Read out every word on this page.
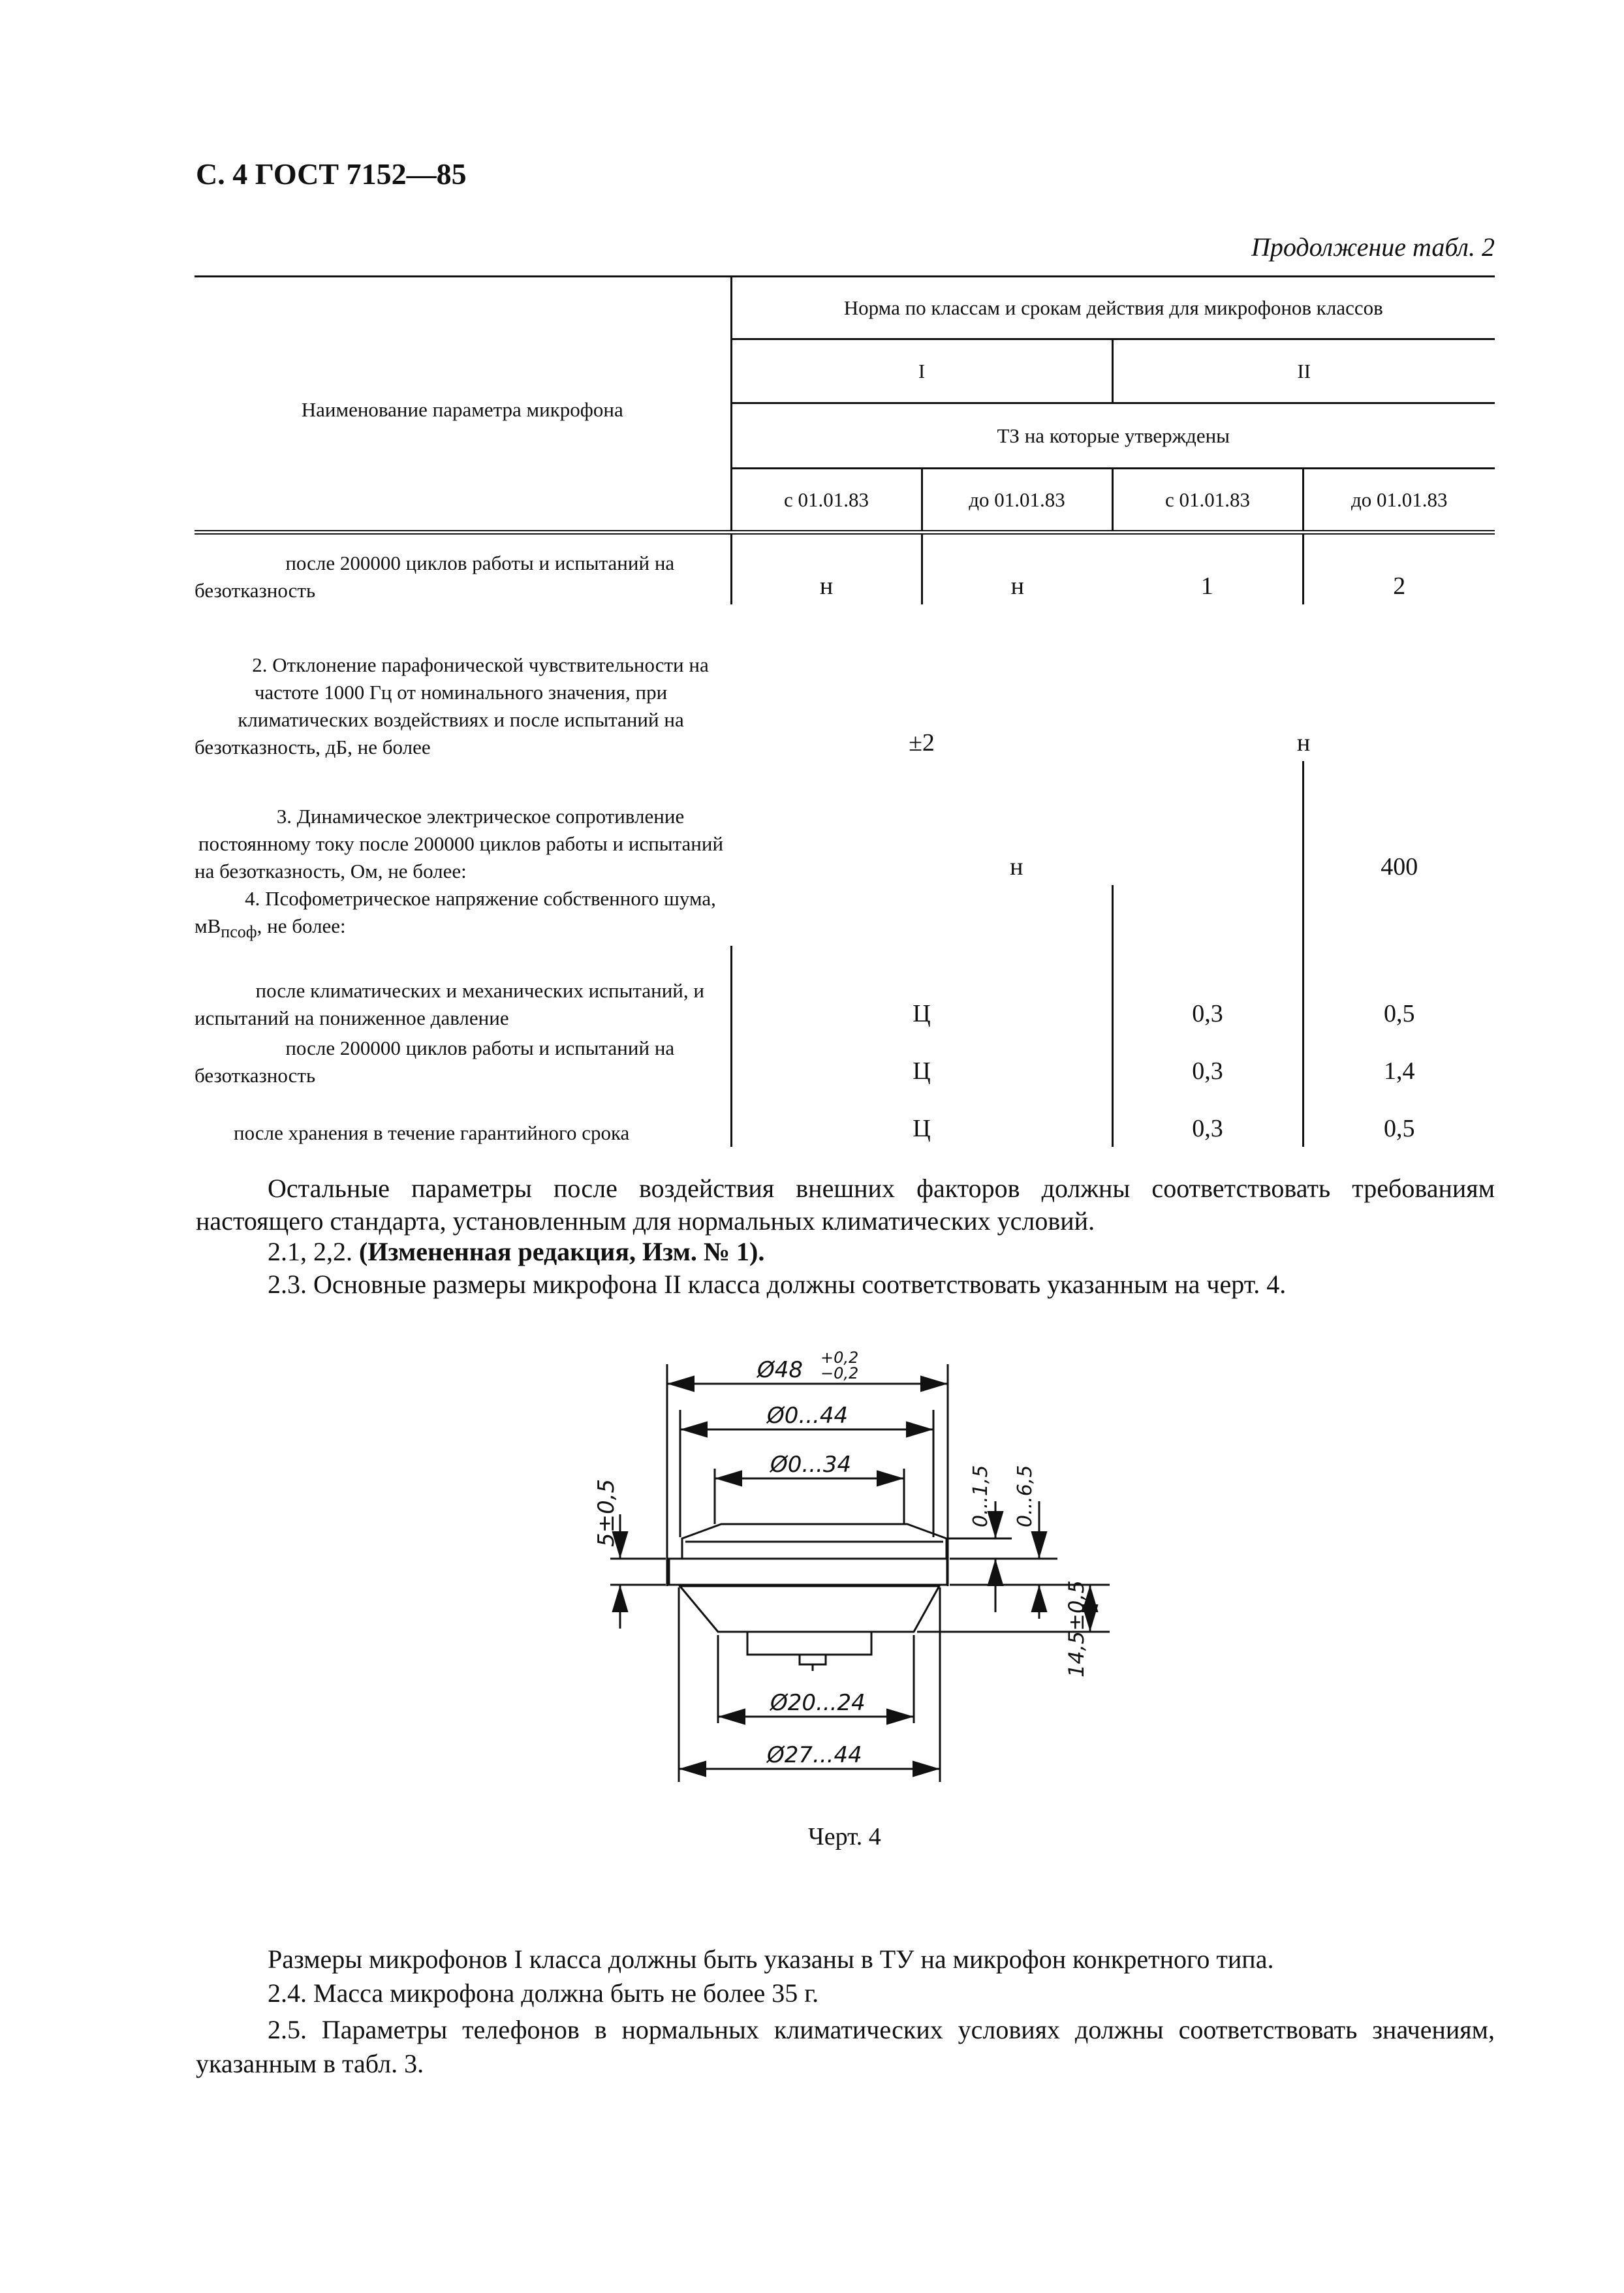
С. 4 ГОСТ 7152—85
Продолжение табл. 2
Наименование параметра микрофона	Норма по классам и срокам действия для микрофонов классов			
	I		II	
	ТЗ на которые утверждены			
	с 01.01.83	до 01.01.83	с 01.01.83	до 01.01.83

после 200000 циклов работы и испытаний на безотказность	н	н	1	2

2. Отклонение парафонической чувствительности на частоте 1000 Гц от номинального значения, при климатических воздействиях и после испытаний на безотказность, дБ, не более	±2		н	

3. Динамическое электрическое сопротивление постоянному току после 200000 циклов работы и испытаний на безотказность, Ом, не более:	н			400

4. Псофометрическое напряжение собственного шума, $мВ_{псоф}$, не более:				

после климатических и механических испытаний, и испытаний на пониженное давление	Ц		0,3	0,5

после 200000 циклов работы и испытаний на безотказность	Ц		0,3	1,4

после хранения в течение гарантийного срока	Ц		0,3	0,5

Остальные параметры после воздействия внешних факторов должны соответствовать требованиям настоящего стандарта, установленным для нормальных климатических условий.

2.1, 2,2. (Измененная редакция, Изм. № 1).

2.3. Основные размеры микрофона II класса должны соответствовать указанным на черт. 4.

Ø48 +0,2
−0,2
Ø0...44
Ø0...34
Ø20...24
Ø27...44
5±0,5	0...1,5 0...6,5
14,5±0,5
Черт. 4

Размеры микрофонов I класса должны быть указаны в ТУ на микрофон конкретного типа.

2.4. Масса микрофона должна быть не более 35 г.

2.5. Параметры телефонов в нормальных климатических условиях должны соответствовать значениям, указанным в табл. 3.
